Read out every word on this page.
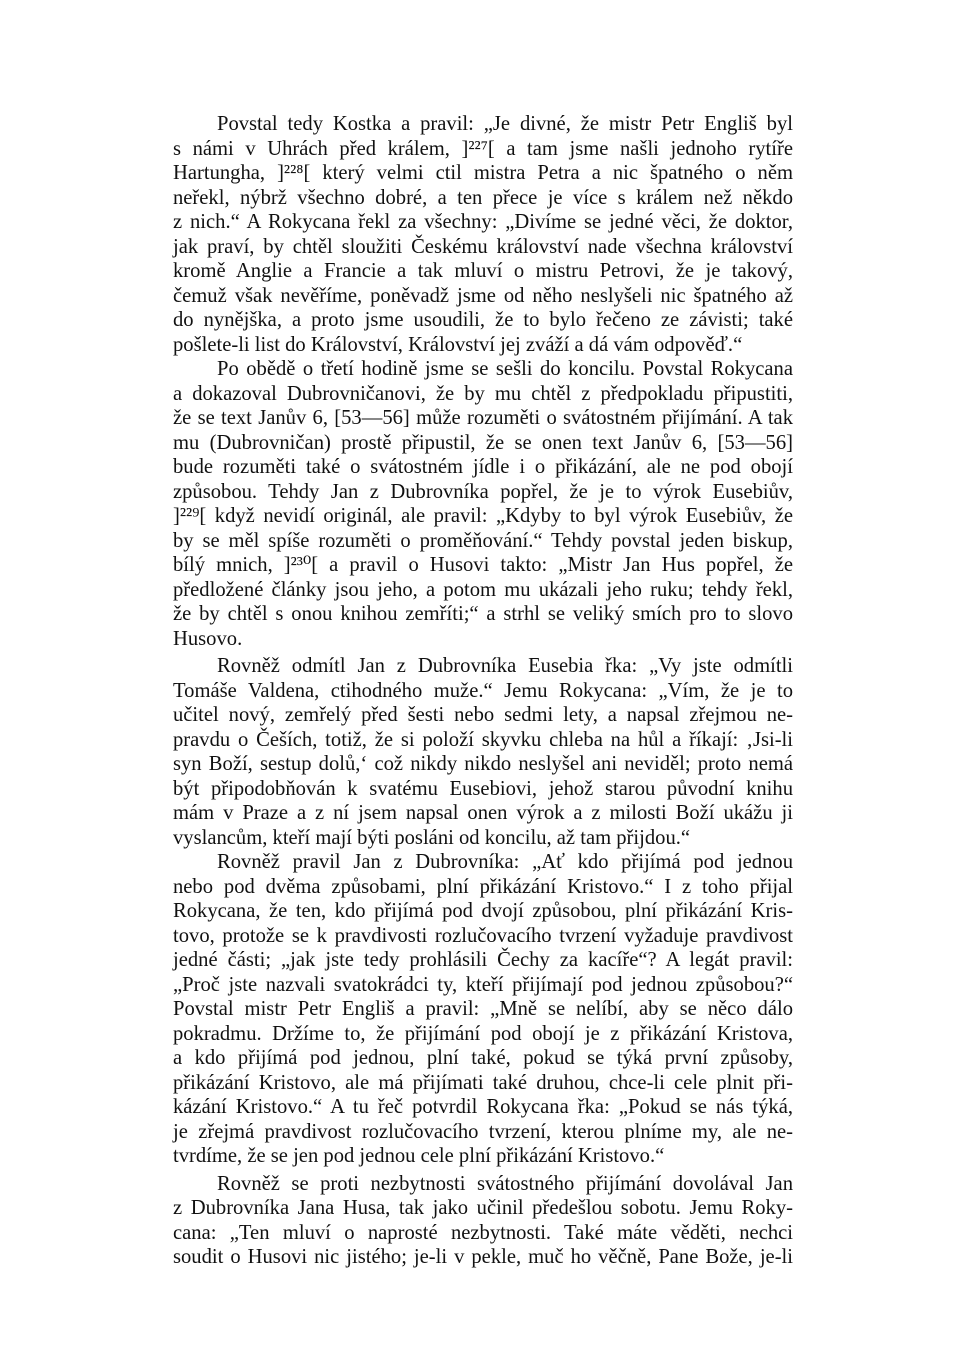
Povstal tedy Kostka a pravil: „Je divné, že mistr Petr Engliš byl
s námi v Uhrách před králem, ]²²⁷[ a tam jsme našli jednoho rytíře
Hartungha, ]²²⁸[ který velmi ctil mistra Petra a nic špatného o něm
neřekl, nýbrž všechno dobré, a ten přece je více s králem než někdo
z nich.“ A Rokycana řekl za všechny: „Divíme se jedné věci, že doktor,
jak praví, by chtěl sloužiti Českému království nade všechna království
kromě Anglie a Francie a tak mluví o mistru Petrovi, že je takový,
čemuž však nevěříme, poněvadž jsme od něho neslyšeli nic špatného až
do nynějška, a proto jsme usoudili, že to bylo řečeno ze závisti; také
pošlete-li list do Království, Království jej zváží a dá vám odpověď.“

Po obědě o třetí hodině jsme se sešli do koncilu. Povstal Rokycana
a dokazoval Dubrovničanovi, že by mu chtěl z předpokladu připustiti,
že se text Janův 6, [53—56] může rozuměti o svátostném přijímání. A tak
mu (Dubrovničan) prostě připustil, že se onen text Janův 6, [53—56]
bude rozuměti také o svátostném jídle i o přikázání, ale ne pod obojí
způsobou. Tehdy Jan z Dubrovníka popřel, že je to výrok Eusebiův,
]²²⁹[ když nevidí originál, ale pravil: „Kdyby to byl výrok Eusebiův, že
by se měl spíše rozuměti o proměňování.“ Tehdy povstal jeden biskup,
bílý mnich, ]²³⁰[ a pravil o Husovi takto: „Mistr Jan Hus popřel, že
předložené články jsou jeho, a potom mu ukázali jeho ruku; tehdy řekl,
že by chtěl s onou knihou zemříti;“ a strhl se veliký smích pro to slovo
Husovo.

Rovněž odmítl Jan z Dubrovníka Eusebia řka: „Vy jste odmítli
Tomáše Valdena, ctihodného muže.“ Jemu Rokycana: „Vím, že je to
učitel nový, zemřelý před šesti nebo sedmi lety, a napsal zřejmou ne-
pravdu o Češích, totiž, že si položí skyvku chleba na hůl a říkají: ‚Jsi-li
syn Boží, sestup dolů,‘ což nikdy nikdo neslyšel ani neviděl; proto nemá
být připodobňován k svatému Eusebiovi, jehož starou původní knihu
mám v Praze a z ní jsem napsal onen výrok a z milosti Boží ukážu ji
vyslancům, kteří mají býti posláni od koncilu, až tam přijdou.“

Rovněž pravil Jan z Dubrovníka: „Ať kdo přijímá pod jednou
nebo pod dvěma způsobami, plní přikázání Kristovo.“ I z toho přijal
Rokycana, že ten, kdo přijímá pod dvojí způsobou, plní přikázání Kris-
tovo, protože se k pravdivosti rozlučovacího tvrzení vyžaduje pravdivost
jedné části; „jak jste tedy prohlásili Čechy za kacíře“? A legát pravil:
„Proč jste nazvali svatokrádci ty, kteří přijímají pod jednou způsobou?“
Povstal mistr Petr Engliš a pravil: „Mně se nelíbí, aby se něco dálo
pokradmu. Držíme to, že přijímání pod obojí je z přikázání Kristova,
a kdo přijímá pod jednou, plní také, pokud se týká první způsoby,
přikázání Kristovo, ale má přijímati také druhou, chce-li cele plnit při-
kázání Kristovo.“ A tu řeč potvrdil Rokycana řka: „Pokud se nás týká,
je zřejmá pravdivost rozlučovacího tvrzení, kterou plníme my, ale ne-
tvrdíme, že se jen pod jednou cele plní přikázání Kristovo.“

Rovněž se proti nezbytnosti svátostného přijímání dovolával Jan
z Dubrovníka Jana Husa, tak jako učinil předešlou sobotu. Jemu Roky-
cana: „Ten mluví o naprosté nezbytnosti. Také máte věděti, nechci
soudit o Husovi nic jistého; je-li v pekle, muč ho věčně, Pane Bože, je-li
